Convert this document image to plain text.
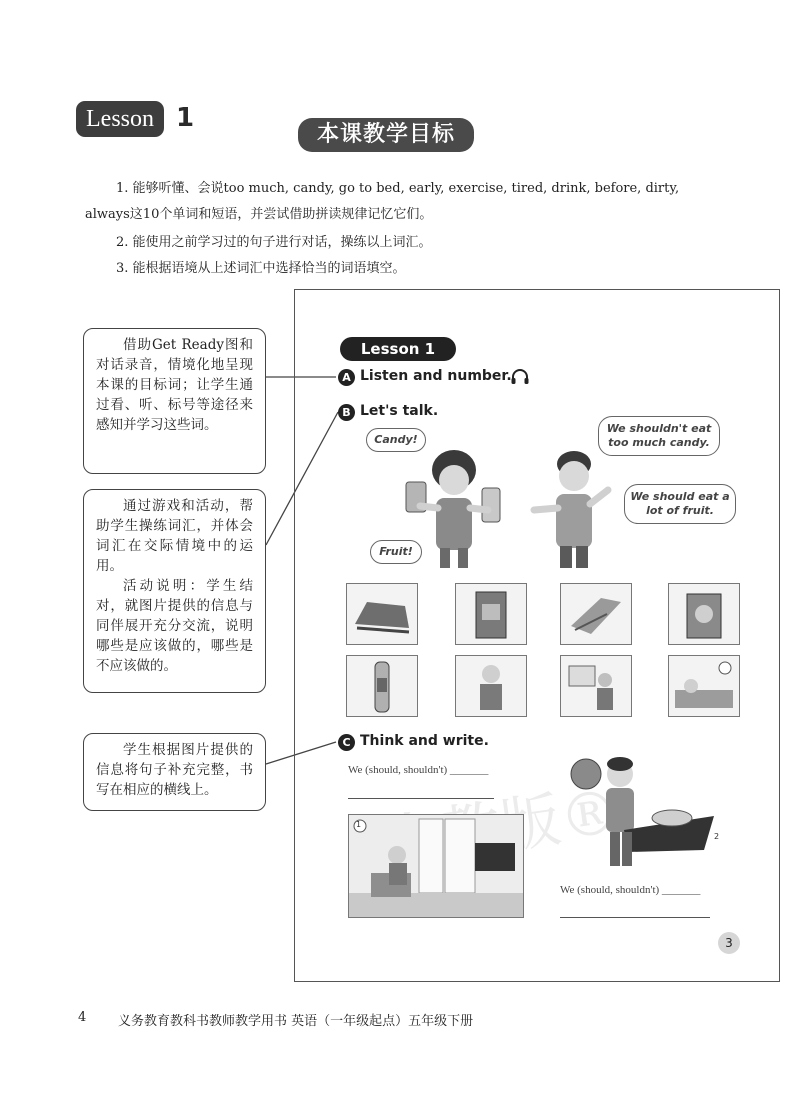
Lesson 1
本课教学目标
1. 能够听懂、会说too much, candy, go to bed, early, exercise, tired, drink, before, dirty,
always这10个单词和短语，并尝试借助拼读规律记忆它们。
2. 能使用之前学习过的句子进行对话，操练以上词汇。
3. 能根据语境从上述词汇中选择恰当的词语填空。

借助Get Ready图和对话录音，情境化地呈现本课的目标词；让学生通过看、听、标号等途径来感知并学习这些词。

通过游戏和活动，帮助学生操练词汇，并体会词汇在交际情境中的运用。

活动说明：学生结对，就图片提供的信息与同伴展开充分交流，说明哪些是应该做的，哪些是不应该做的。

学生根据图片提供的信息将句子补充完整，书写在相应的横线上。

Lesson 1
A Listen and number.
B Let's talk.
Candy!
Fruit!
We shouldn't eat too much candy.
We should eat a lot of fruit.
C Think and write.
We (should, shouldn't) _______
1
2
We (should, shouldn't) _______
3
4 义务教育教科书教师教学用书 英语（一年级起点）五年级下册
